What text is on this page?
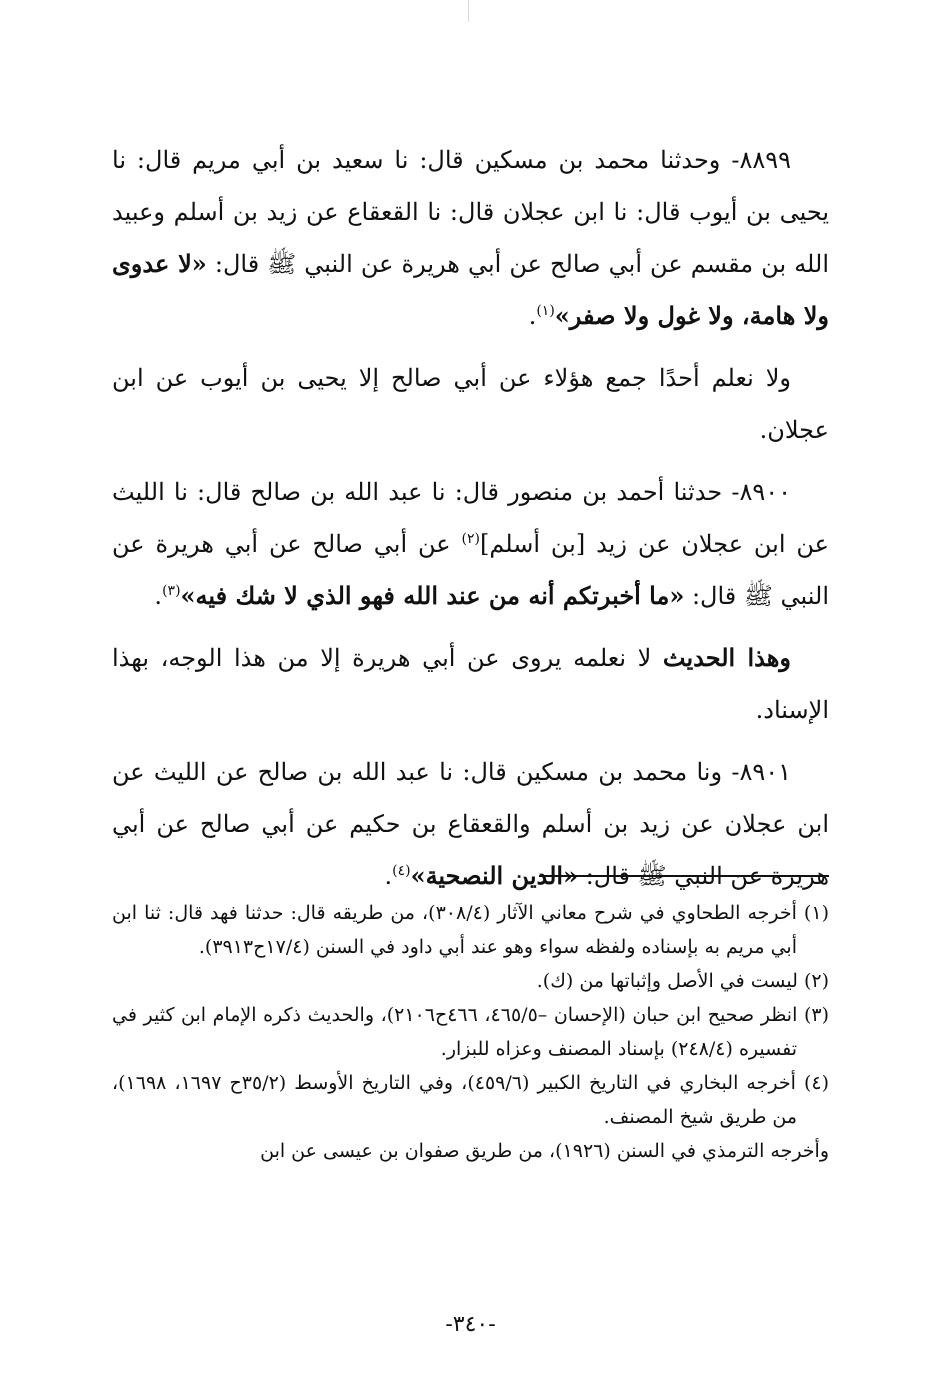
٨٨٩٩- وحدثنا محمد بن مسكين قال: نا سعيد بن أبي مريم قال: نا يحيى بن أيوب قال: نا ابن عجلان قال: نا القعقاع عن زيد بن أسلم وعبيد الله بن مقسم عن أبي صالح عن أبي هريرة عن النبي ﷺ قال: «لا عدوى ولا هامة، ولا غول ولا صفر»$^{(١)}$.
ولا نعلم أحدًا جمع هؤلاء عن أبي صالح إلا يحيى بن أيوب عن ابن عجلان.
٨٩٠٠- حدثنا أحمد بن منصور قال: نا عبد الله بن صالح قال: نا الليث عن ابن عجلان عن زيد [بن أسلم]$^{(٢)}$ عن أبي صالح عن أبي هريرة عن النبي ﷺ قال: «ما أخبرتكم أنه من عند الله فهو الذي لا شك فيه»$^{(٣)}$.
وهذا الحديث لا نعلمه يروى عن أبي هريرة إلا من هذا الوجه، بهذا الإسناد.
٨٩٠١- ونا محمد بن مسكين قال: نا عبد الله بن صالح عن الليث عن ابن عجلان عن زيد بن أسلم والقعقاع بن حكيم عن أبي صالح عن أبي هريرة عن النبي ﷺ قال: «الدين النصحية»$^{(٤)}$.

(١) أخرجه الطحاوي في شرح معاني الآثار (٣٠٨/٤)، من طريقه قال: حدثنا فهد قال: ثنا ابن أبي مريم به بإسناده ولفظه سواء وهو عند أبي داود في السنن (١٧/٤ح٣٩١٣).

(٢) ليست في الأصل وإثباتها من (ك).

(٣) انظر صحيح ابن حبان (الإحسان –٤٦٥/٥، ٤٦٦ح٢١٠٦)، والحديث ذكره الإمام ابن كثير في تفسيره (٢٤٨/٤) بإسناد المصنف وعزاه للبزار.

(٤) أخرجه البخاري في التاريخ الكبير (٤٥٩/٦)، وفي التاريخ الأوسط (٣٥/٢ح ١٦٩٧، ١٦٩٨)، من طريق شيخ المصنف.

وأخرجه الترمذي في السنن (١٩٢٦)، من طريق صفوان بن عيسى عن ابن

-٣٤٠-
